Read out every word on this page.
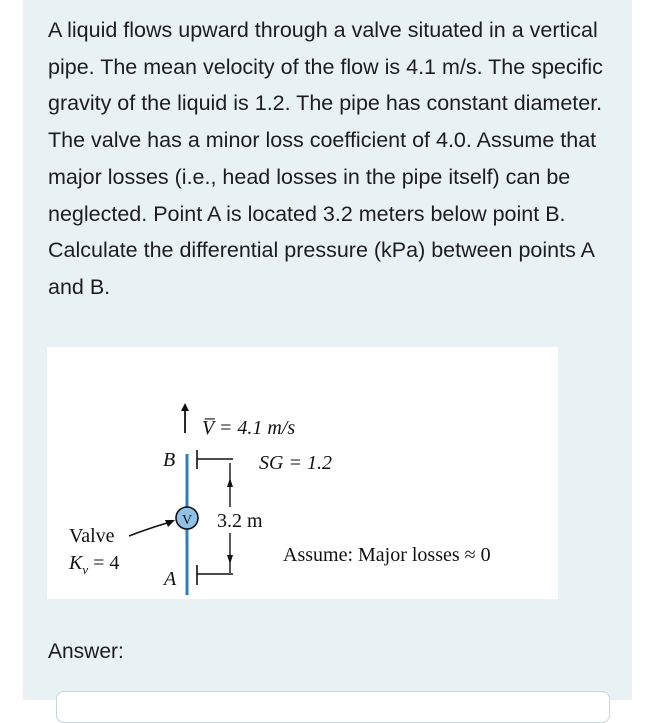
A liquid flows upward through a valve situated in a vertical pipe. The mean velocity of the flow is 4.1 m/s. The specific gravity of the liquid is 1.2. The pipe has constant diameter. The valve has a minor loss coefficient of 4.0. Assume that major losses (i.e., head losses in the pipe itself) can be neglected. Point A is located 3.2 meters below point B. Calculate the differential pressure (kPa) between points A and B.

V̅ = 4.1 m/s
B	SG = 1.2
3.2 m
A
V
Valve
$K_v = 4$	Assume: Major losses ≈ 0
Answer:
